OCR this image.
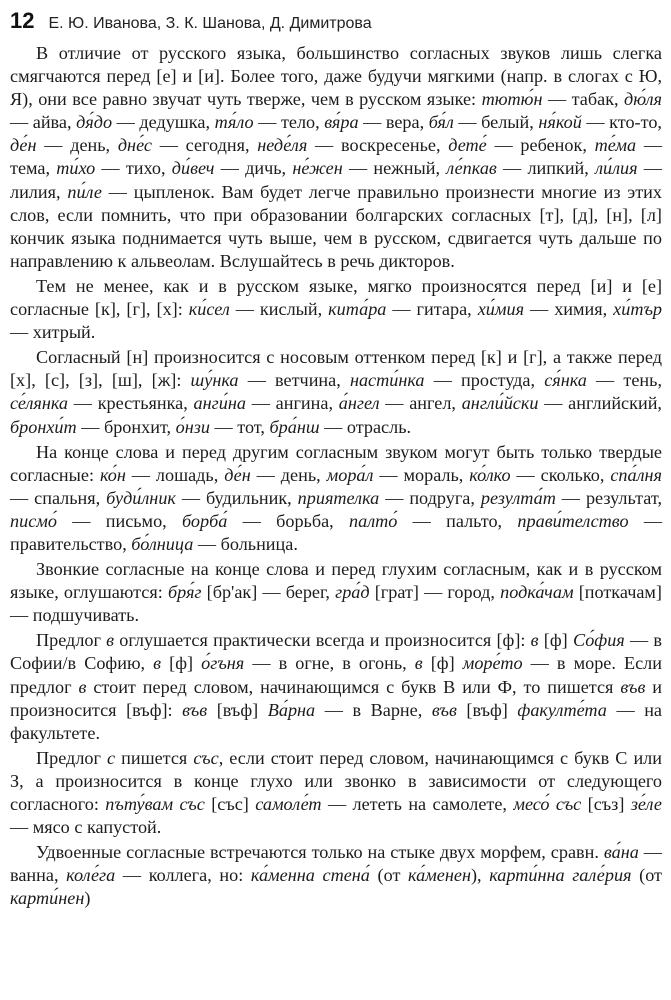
12 Е. Ю. Иванова, З. К. Шанова, Д. Димитрова

В отличие от русского языка, большинство согласных звуков лишь слегка смягчаются перед [е] и [и]. Более того, даже будучи мягкими (напр. в слогах с Ю, Я), они все равно звучат чуть тверже, чем в русском языке: тютю́н — табак, дю́ля — айва, дя́до — дедушка, тя́ло — тело, вя́ра — вера, бя́л — белый, ня́кой — кто-то, де́н — день, дне́с — сегодня, неде́ля — воскресенье, дете́ — ребенок, те́ма — тема, ти́хо — тихо, ди́веч — дичь, не́жен — нежный, ле́пкав — липкий, ли́лия — лилия, пи́ле — цыпленок. Вам будет легче правильно произнести многие из этих слов, если помнить, что при образовании болгарских согласных [т], [д], [н], [л] кончик языка поднимается чуть выше, чем в русском, сдвигается чуть дальше по направлению к альвеолам. Вслушайтесь в речь дикторов.

Тем не менее, как и в русском языке, мягко произносятся перед [и] и [е] согласные [к], [г], [х]: ки́сел — кислый, кита́ра — гитара, хи́мия — химия, хи́тър — хитрый.

Согласный [н] произносится с носовым оттенком перед [к] и [г], а также перед [х], [с], [з], [ш], [ж]: шу́нка — ветчина, насти́нка — простуда, ся́нка — тень, се́лянка — крестьянка, анги́на — ангина, а́нгел — ангел, англи́йски — английский, бронхи́т — бронхит, о́нзи — тот, бра́нш — отрасль.

На конце слова и перед другим согласным звуком могут быть только твердые согласные: ко́н — лошадь, де́н — день, мора́л — мораль, ко́лко — сколько, спа́лня — спальня, буди́лник — будильник, приятелка — подруга, резулта́т — результат, писмо́ — письмо, борба́ — борьба, палто́ — пальто, прави́телство — правительство, бо́лница — больница.

Звонкие согласные на конце слова и перед глухим согласным, как и в русском языке, оглушаются: бря́г [бр'ак] — берег, гра́д [грат] — город, подка́чам [поткачам] — подшучивать.

Предлог в оглушается практически всегда и произносится [ф]: в [ф] Со́фия — в Софии/в Софию, в [ф] о́гъня — в огне, в огонь, в [ф] море́то — в море. Если предлог в стоит перед словом, начинающимся с букв В или Ф, то пишется във и произносится [въф]: във [въф] Ва́рна — в Варне, във [въф] факулте́та — на факультете.

Предлог с пишется със, если стоит перед словом, начинающимся с букв С или З, а произносится в конце глухо или звонко в зависимости от следующего согласного: пъту́вам със [със] самоле́т — лететь на самолете, месо́ със [съз] зе́ле — мясо с капустой.

Удвоенные согласные встречаются только на стыке двух морфем, сравн. ва́на — ванна, коле́га — коллега, но: ка́менна стена́ (от ка́менен), карти́нна гале́рия (от карти́нен)
